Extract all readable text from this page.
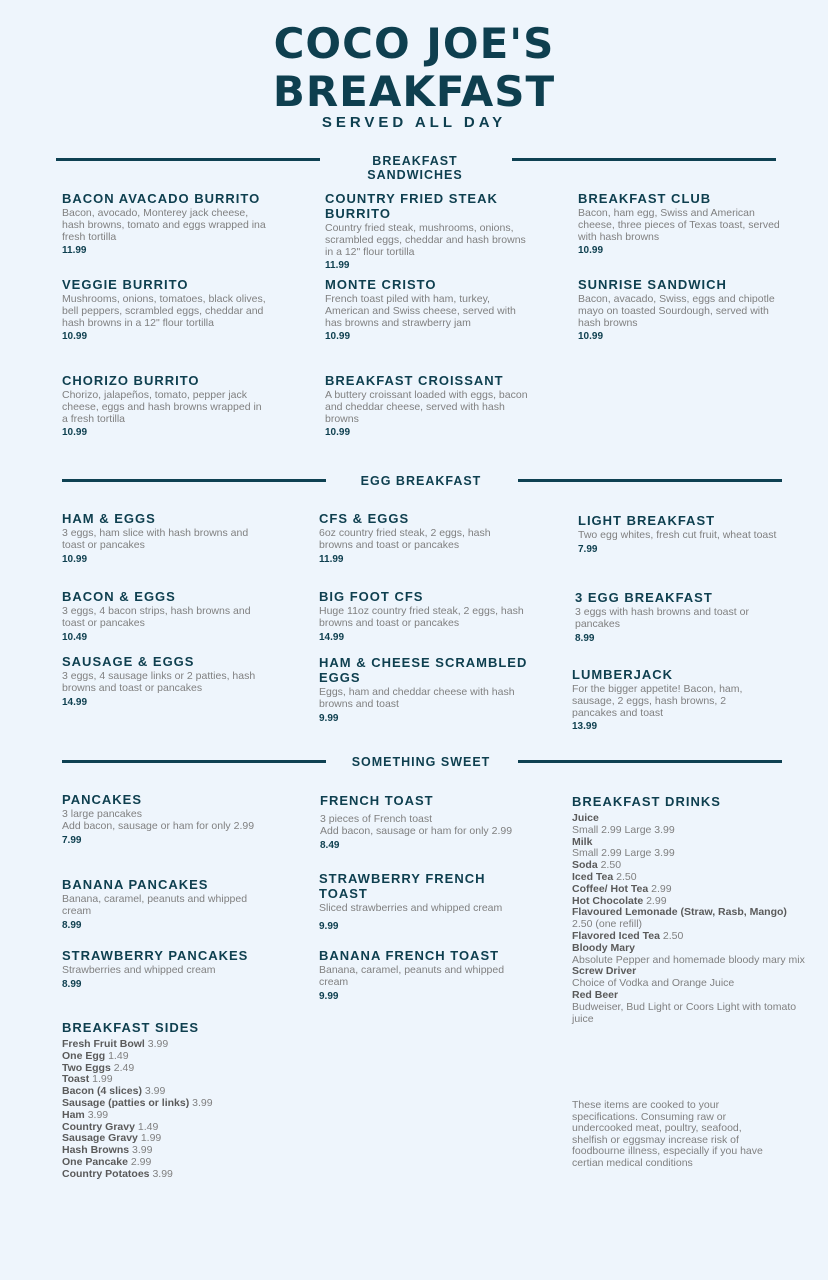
COCO JOE'S
BREAKFAST
SERVED ALL DAY
BREAKFAST SANDWICHES
BACON AVACADO BURRITO
Bacon, avocado, Monterey jack cheese, hash browns, tomato and eggs wrapped ina fresh tortilla
11.99
COUNTRY FRIED STEAK BURRITO
Country fried steak, mushrooms, onions, scrambled eggs, cheddar and hash browns in a 12" flour tortilla
11.99
BREAKFAST CLUB
Bacon, ham egg, Swiss and American cheese, three pieces of Texas toast, served with hash browns
10.99
VEGGIE BURRITO
Mushrooms, onions, tomatoes, black olives, bell peppers, scrambled eggs, cheddar and hash browns in a 12" flour tortilla
10.99
MONTE CRISTO
French toast piled with ham, turkey, American and Swiss cheese, served with has browns and strawberry jam
10.99
SUNRISE SANDWICH
Bacon, avacado, Swiss, eggs and chipotle mayo on toasted Sourdough, served with hash browns
10.99
CHORIZO BURRITO
Chorizo, jalapeños, tomato, pepper jack cheese, eggs and hash browns wrapped in a fresh tortilla
10.99
BREAKFAST CROISSANT
A buttery croissant loaded with eggs, bacon and cheddar cheese, served with hash browns
10.99
EGG BREAKFAST
HAM & EGGS
3 eggs, ham slice with hash browns and toast or pancakes
10.99
CFS & EGGS
6oz country fried steak, 2 eggs, hash browns and toast or pancakes
11.99
LIGHT BREAKFAST
Two egg whites, fresh cut fruit, wheat toast
7.99
BACON & EGGS
3 eggs, 4 bacon strips, hash browns and toast or pancakes
10.49
BIG FOOT CFS
Huge 11oz country fried steak, 2 eggs, hash browns and toast or pancakes
14.99
3 EGG BREAKFAST
3 eggs with hash browns and toast or pancakes
8.99
SAUSAGE & EGGS
3 eggs, 4 sausage links or 2 patties, hash browns and toast or pancakes
14.99
HAM & CHEESE SCRAMBLED EGGS
Eggs, ham and cheddar cheese with hash browns and toast
9.99
LUMBERJACK
For the bigger appetite! Bacon, ham, sausage, 2 eggs, hash browns, 2 pancakes and toast
13.99
SOMETHING SWEET
PANCAKES
3 large pancakes
Add bacon, sausage or ham for only 2.99
7.99
FRENCH TOAST
3 pieces of French toast
Add bacon, sausage or ham for only 2.99
8.49
BANANA PANCAKES
Banana, caramel, peanuts and whipped cream
8.99
STRAWBERRY FRENCH TOAST
Sliced strawberries and whipped cream
9.99
STRAWBERRY PANCAKES
Strawberries and whipped cream
8.99
BANANA FRENCH TOAST
Banana, caramel, peanuts and whipped cream
9.99
BREAKFAST SIDES
Fresh Fruit Bowl 3.99
One Egg 1.49
Two Eggs 2.49
Toast 1.99
Bacon (4 slices) 3.99
Sausage (patties or links) 3.99
Ham 3.99
Country Gravy 1.49
Sausage Gravy 1.99
Hash Browns 3.99
One Pancake 2.99
Country Potatoes 3.99
BREAKFAST DRINKS
Juice
Small 2.99 Large 3.99
Milk
Small 2.99 Large 3.99
Soda 2.50
Iced Tea 2.50
Coffee/ Hot Tea 2.99
Hot Chocolate 2.99
Flavoured Lemonade (Straw, Rasb, Mango)
2.50 (one refill)
Flavored Iced Tea 2.50
Bloody Mary
Absolute Pepper and homemade bloody mary mix
Screw Driver
Choice of Vodka and Orange Juice
Red Beer
Budweiser, Bud Light or Coors Light with tomato juice
These items are cooked to your specifications. Consuming raw or undercooked meat, poultry, seafood, shelfish or eggsmay increase risk of foodbourne illness, especially if you have certian medical conditions
